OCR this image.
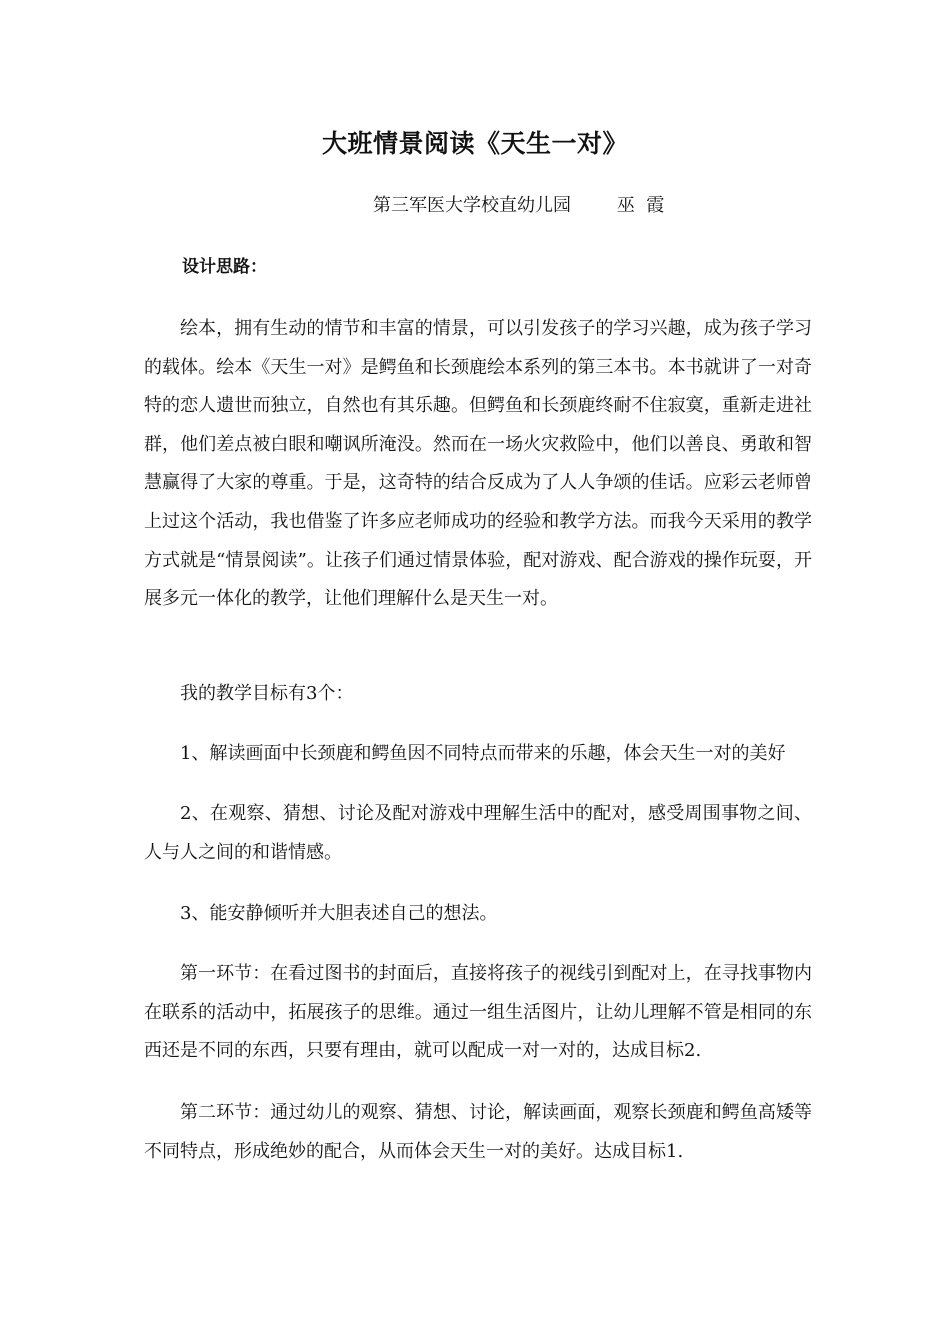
大班情景阅读《天生一对》
第三军医大学校直幼儿园        巫  霞
设计思路：

绘本，拥有生动的情节和丰富的情景，可以引发孩子的学习兴趣，成为孩子学习的载体。绘本《天生一对》是鳄鱼和长颈鹿绘本系列的第三本书。本书就讲了一对奇特的恋人遗世而独立，自然也有其乐趣。但鳄鱼和长颈鹿终耐不住寂寞，重新走进社群，他们差点被白眼和嘲讽所淹没。然而在一场火灾救险中，他们以善良、勇敢和智慧赢得了大家的尊重。于是，这奇特的结合反成为了人人争颂的佳话。应彩云老师曾上过这个活动，我也借鉴了许多应老师成功的经验和教学方法。而我今天采用的教学方式就是“情景阅读”。让孩子们通过情景体验，配对游戏、配合游戏的操作玩耍，开展多元一体化的教学，让他们理解什么是天生一对。

我的教学目标有3个：

1、解读画面中长颈鹿和鳄鱼因不同特点而带来的乐趣，体会天生一对的美好

2、在观察、猜想、讨论及配对游戏中理解生活中的配对，感受周围事物之间、人与人之间的和谐情感。

3、能安静倾听并大胆表述自己的想法。

第一环节：在看过图书的封面后，直接将孩子的视线引到配对上，在寻找事物内在联系的活动中，拓展孩子的思维。通过一组生活图片，让幼儿理解不管是相同的东西还是不同的东西，只要有理由，就可以配成一对一对的，达成目标2.

第二环节：通过幼儿的观察、猜想、讨论，解读画面，观察长颈鹿和鳄鱼高矮等不同特点，形成绝妙的配合，从而体会天生一对的美好。达成目标1.
